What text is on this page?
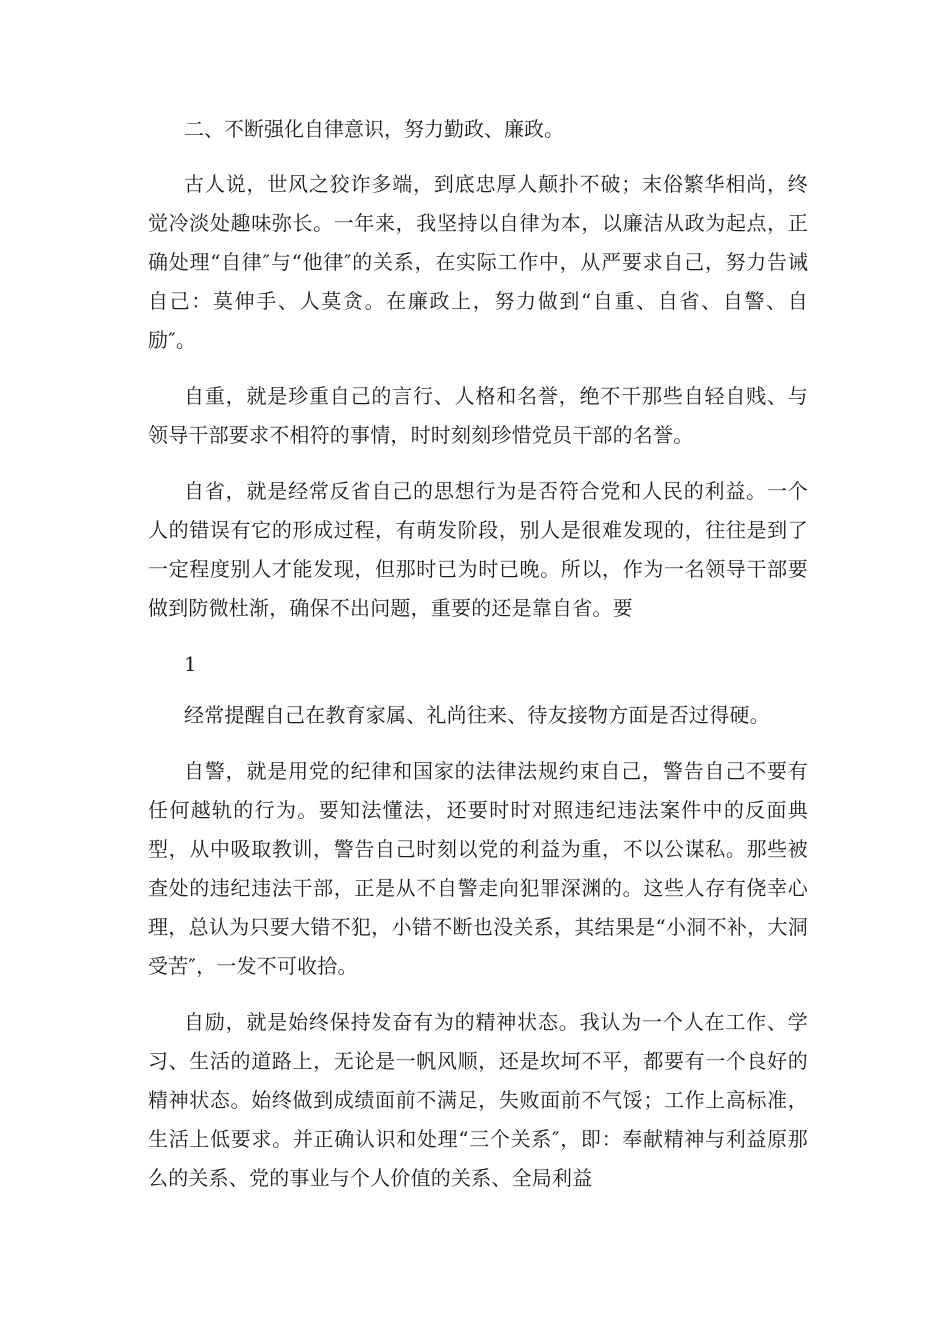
二、不断强化自律意识，努力勤政、廉政。

古人说，世风之狡诈多端，到底忠厚人颠扑不破；末俗繁华相尚，终觉冷淡处趣味弥长。一年来，我坚持以自律为本，以廉洁从政为起点，正确处理“自律″与“他律″的关系，在实际工作中，从严要求自己，努力告诫自己：莫伸手、人莫贪。在廉政上，努力做到“自重、自省、自警、自励″。

自重，就是珍重自己的言行、人格和名誉，绝不干那些自轻自贱、与领导干部要求不相符的事情，时时刻刻珍惜党员干部的名誉。

自省，就是经常反省自己的思想行为是否符合党和人民的利益。一个人的错误有它的形成过程，有萌发阶段，别人是很难发现的，往往是到了一定程度别人才能发现，但那时已为时已晚。所以，作为一名领导干部要做到防微杜渐，确保不出问题，重要的还是靠自省。要

1

经常提醒自己在教育家属、礼尚往来、待友接物方面是否过得硬。

自警，就是用党的纪律和国家的法律法规约束自己，警告自己不要有任何越轨的行为。要知法懂法，还要时时对照违纪违法案件中的反面典型，从中吸取教训，警告自己时刻以党的利益为重，不以公谋私。那些被查处的违纪违法干部，正是从不自警走向犯罪深渊的。这些人存有侥幸心理，总认为只要大错不犯，小错不断也没关系，其结果是“小洞不补，大洞受苦″，一发不可收拾。

自励，就是始终保持发奋有为的精神状态。我认为一个人在工作、学习、生活的道路上，无论是一帆风顺，还是坎坷不平，都要有一个良好的精神状态。始终做到成绩面前不满足，失败面前不气馁；工作上高标准，生活上低要求。并正确认识和处理“三个关系″，即：奉献精神与利益原那么的关系、党的事业与个人价值的关系、全局利益
